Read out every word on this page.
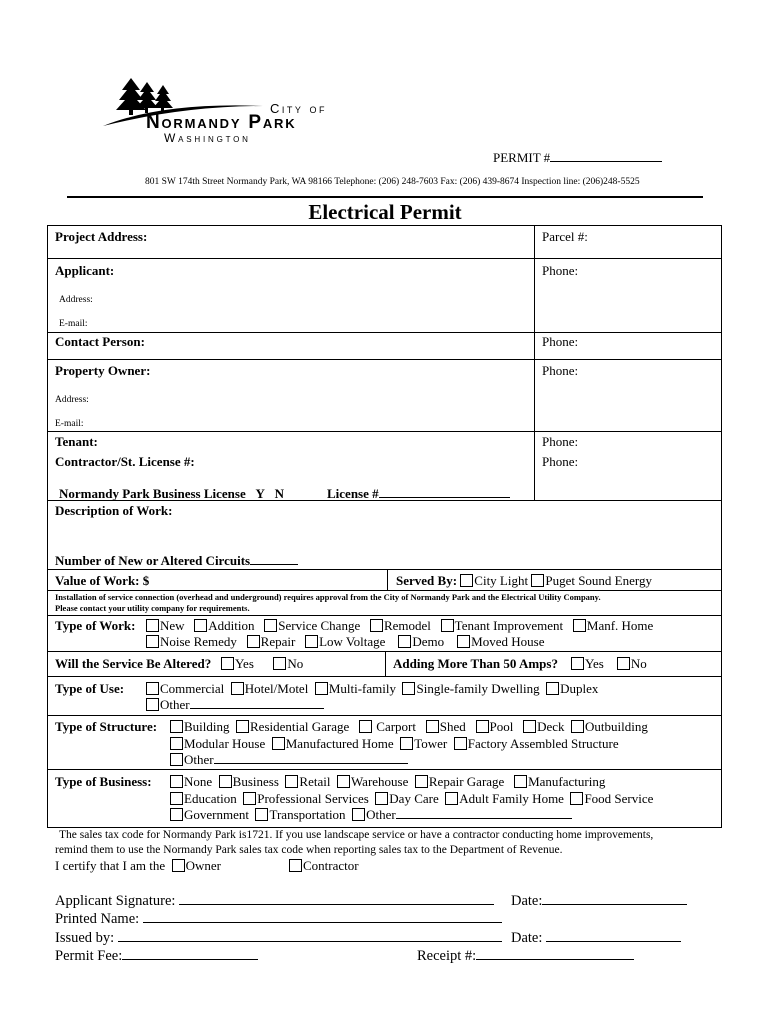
City of
Normandy Park
Washington
PERMIT #
801 SW 174th Street Normandy Park, WA 98166 Telephone: (206) 248-7603 Fax: (206) 439-8674 Inspection line: (206)248-5525
Electrical Permit
Project Address:	Parcel #:
Applicant:	Phone:
Address:
E-mail:
Contact Person:	Phone:
Property Owner:	Phone:
Address:
E-mail:
Tenant:	Phone:
Contractor/St. License #:	Phone:
Normandy Park Business License Y N	License #
Description of Work:
Number of New or Altered Circuits
Value of Work: $	Served By: City Light Puget Sound Energy
Installation of service connection (overhead and underground) requires approval from the City of Normandy Park and the Electrical Utility Company.
Please contact your utility company for requirements.
Type of Work:	New Addition Service Change Remodel Tenant Improvement Manf. Home
Noise Remedy Repair Low Voltage Demo Moved House
Will the Service Be Altered? Yes	No	Adding More Than 50 Amps? Yes No
Type of Use:	Commercial Hotel/Motel Multi-family Single-family Dwelling Duplex
Other
Type of Structure:	Building Residential Garage Carport Shed Pool Deck Outbuilding
Modular House Manufactured Home Tower Factory Assembled Structure
Other
Type of Business:	None Business Retail Warehouse Repair Garage Manufacturing
Education Professional Services Day Care Adult Family Home Food Service
Government Transportation Other
The sales tax code for Normandy Park is1721. If you use landscape service or have a contractor conducting home improvements,
remind them to use the Normandy Park sales tax code when reporting sales tax to the Department of Revenue.
I certify that I am the Owner	Contractor
Applicant Signature:	Date:
Printed Name:
Issued by:	Date:
Permit Fee:	Receipt #:
